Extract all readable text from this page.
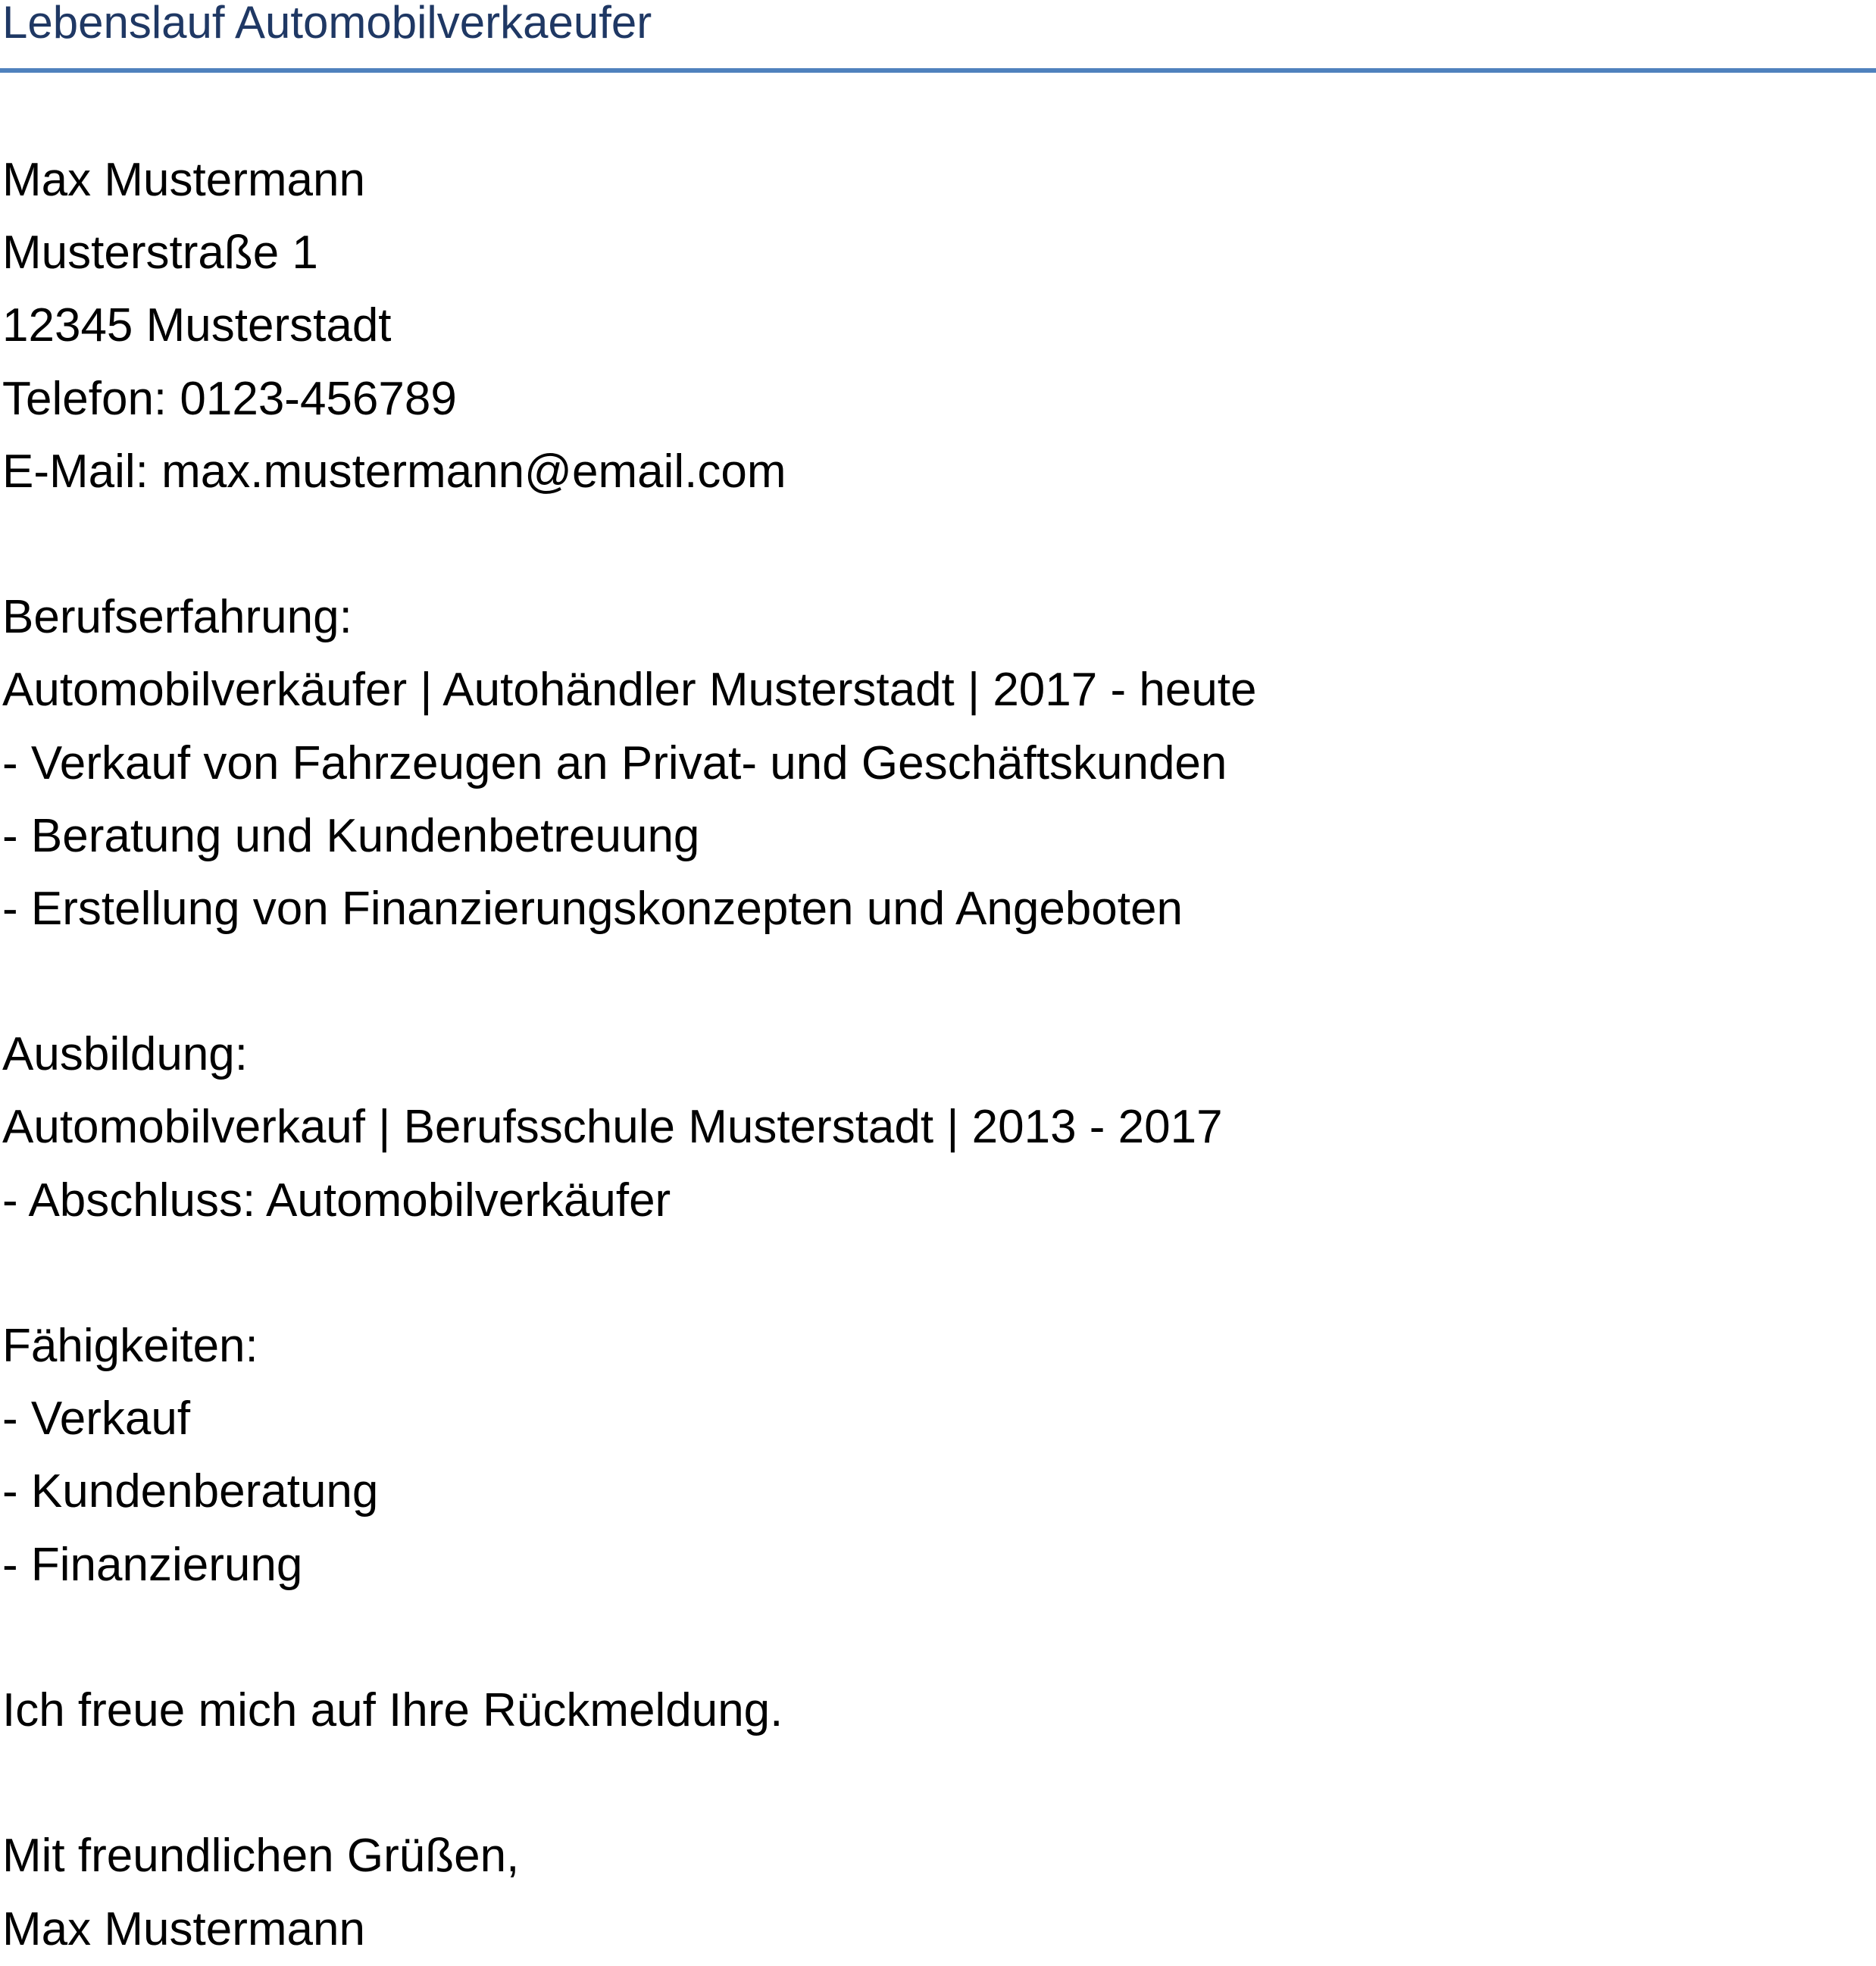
Lebenslauf Automobilverkaeufer
Max Mustermann
Musterstraße 1
12345 Musterstadt
Telefon: 0123-456789
E-Mail: max.mustermann@email.com
Berufserfahrung:
Automobilverkäufer | Autohändler Musterstadt | 2017 - heute
- Verkauf von Fahrzeugen an Privat- und Geschäftskunden
- Beratung und Kundenbetreuung
- Erstellung von Finanzierungskonzepten und Angeboten
Ausbildung:
Automobilverkauf | Berufsschule Musterstadt | 2013 - 2017
- Abschluss: Automobilverkäufer
Fähigkeiten:
- Verkauf
- Kundenberatung
- Finanzierung
Ich freue mich auf Ihre Rückmeldung.
Mit freundlichen Grüßen,
Max Mustermann
